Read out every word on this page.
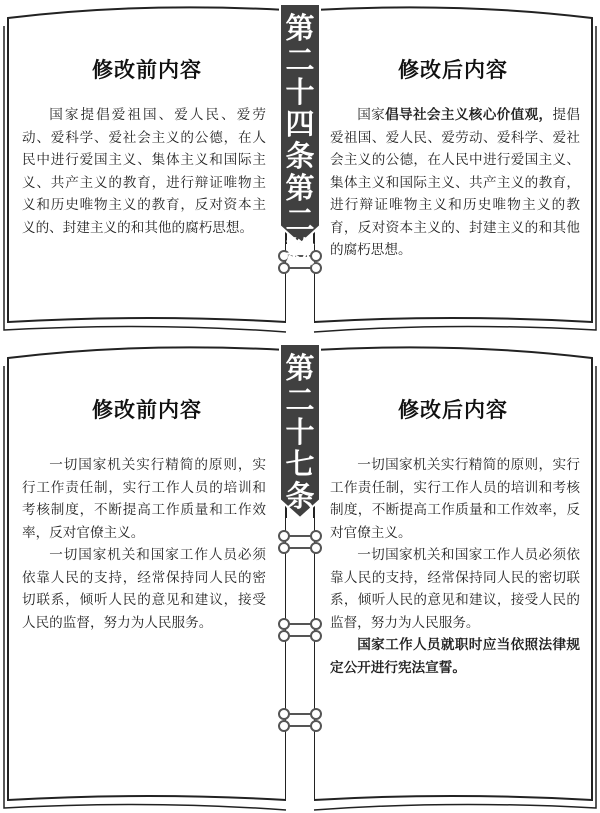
第二十四条第二款
修改前内容

国家提倡爱祖国、爱人民、爱劳动、爱科学、爱社会主义的公德，在人民中进行爱国主义、集体主义和国际主义、共产主义的教育，进行辩证唯物主义和历史唯物主义的教育，反对资本主义的、封建主义的和其他的腐朽思想。

修改后内容

国家倡导社会主义核心价值观，提倡爱祖国、爱人民、爱劳动、爱科学、爱社会主义的公德，在人民中进行爱国主义、集体主义和国际主义、共产主义的教育，进行辩证唯物主义和历史唯物主义的教育，反对资本主义的、封建主义的和其他的腐朽思想。

第二十七条
修改前内容

一切国家机关实行精简的原则，实行工作责任制，实行工作人员的培训和考核制度，不断提高工作质量和工作效率，反对官僚主义。

一切国家机关和国家工作人员必须依靠人民的支持，经常保持同人民的密切联系，倾听人民的意见和建议，接受人民的监督，努力为人民服务。

修改后内容

一切国家机关实行精简的原则，实行工作责任制，实行工作人员的培训和考核制度，不断提高工作质量和工作效率，反对官僚主义。

一切国家机关和国家工作人员必须依靠人民的支持，经常保持同人民的密切联系，倾听人民的意见和建议，接受人民的监督，努力为人民服务。

国家工作人员就职时应当依照法律规定公开进行宪法宣誓。
